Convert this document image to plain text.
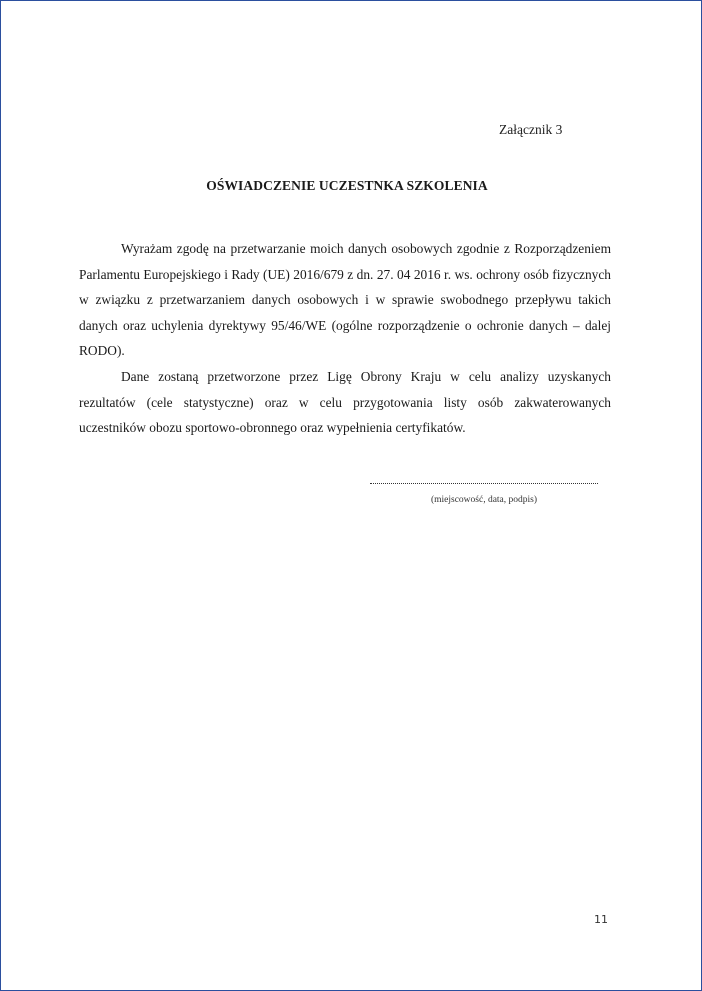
Załącznik 3
OŚWIADCZENIE UCZESTNKA SZKOLENIA

Wyrażam zgodę na przetwarzanie moich danych osobowych zgodnie z Rozporządzeniem Parlamentu Europejskiego i Rady (UE) 2016/679 z dn. 27. 04 2016 r. ws. ochrony osób fizycznych w związku z przetwarzaniem danych osobowych i w sprawie swobodnego przepływu takich danych oraz uchylenia dyrektywy 95/46/WE (ogólne rozporządzenie o ochronie danych – dalej RODO).

Dane zostaną przetworzone przez Ligę Obrony Kraju w celu analizy uzyskanych rezultatów (cele statystyczne) oraz w celu przygotowania listy osób zakwaterowanych uczestników obozu sportowo-obronnego oraz wypełnienia certyfikatów.

(miejscowość, data, podpis)
11
